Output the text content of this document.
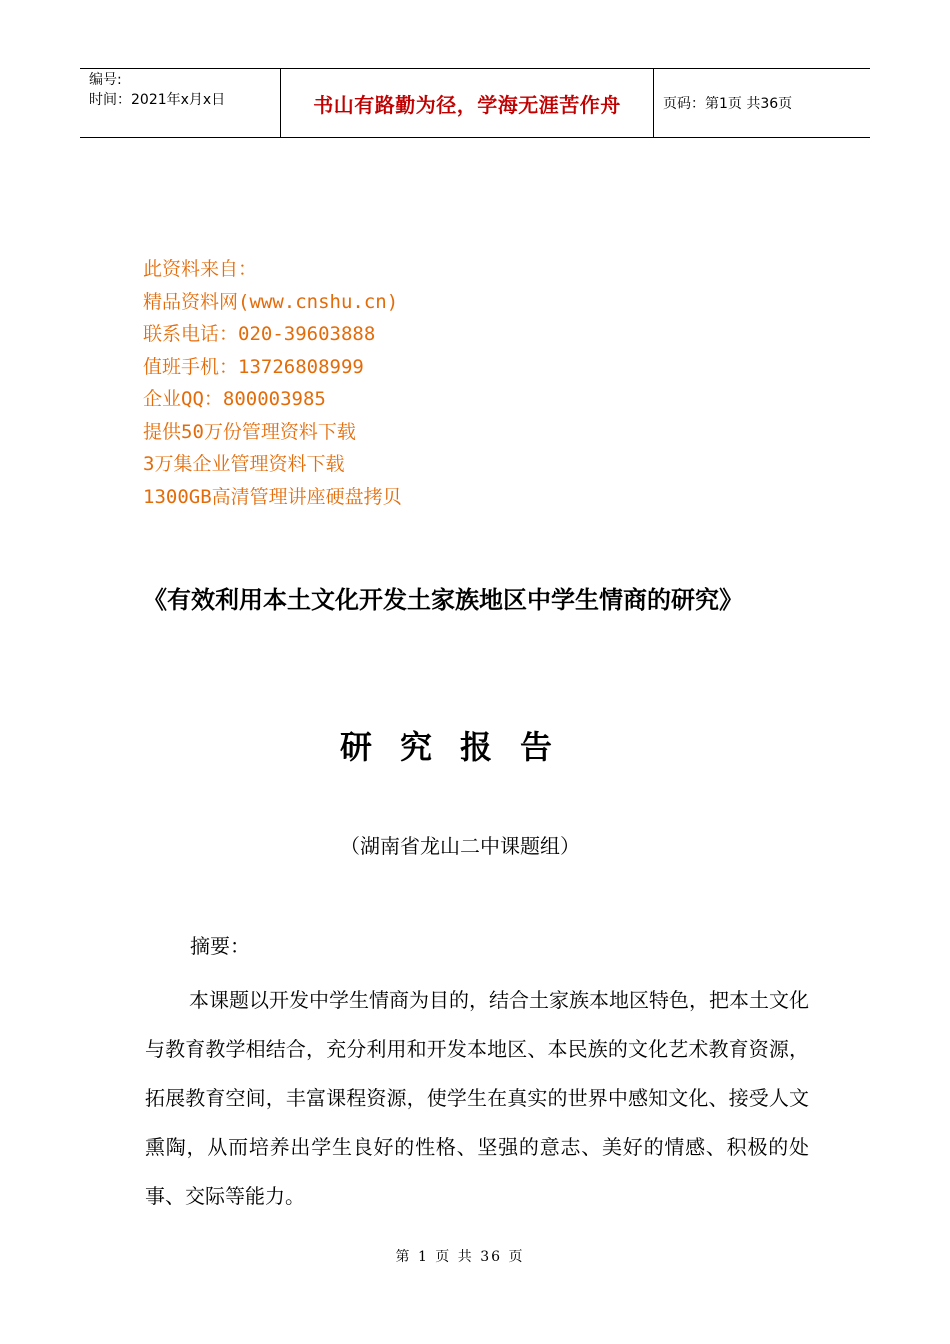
编号:
时间：2021年x月x日	书山有路勤为径，学海无涯苦作舟	页码：第1页 共36页
此资料来自：
精品资料网(www.cnshu.cn)
联系电话：020-39603888
值班手机：13726808999
企业QQ：800003985
提供50万份管理资料下载
3万集企业管理资料下载
1300GB高清管理讲座硬盘拷贝
《有效利用本土文化开发土家族地区中学生情商的研究》
研究报告
（湖南省龙山二中课题组）
摘要：
本课题以开发中学生情商为目的，结合土家族本地区特色，把本土文化与教育教学相结合，充分利用和开发本地区、本民族的文化艺术教育资源，拓展教育空间，丰富课程资源，使学生在真实的世界中感知文化、接受人文熏陶，从而培养出学生良好的性格、坚强的意志、美好的情感、积极的处事、交际等能力。
第 1 页 共 36 页
